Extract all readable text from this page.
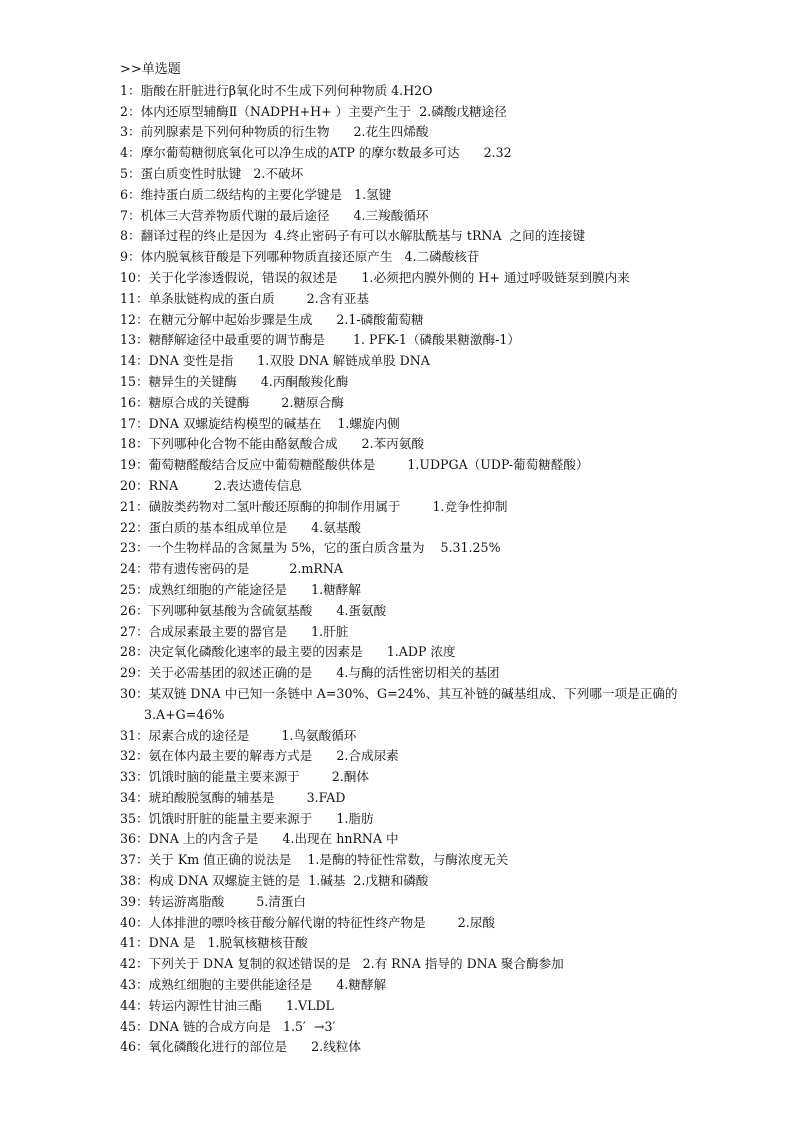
>>单选题
1：脂酸在肝脏进行β氧化时不生成下列何种物质 4.H2O
2：体内还原型辅酶Ⅱ（NADPH+H+ ）主要产生于 2.磷酸戊糖途径
3：前列腺素是下列何种物质的衍生物     2.花生四烯酸
4：摩尔葡萄糖彻底氧化可以净生成的ATP 的摩尔数最多可达     2.32
5：蛋白质变性时肽键  2.不破坏
6：维持蛋白质二级结构的主要化学键是  1.氢键
7：机体三大营养物质代谢的最后途径     4.三羧酸循环
8：翻译过程的终止是因为 4.终止密码子有可以水解肽酰基与 tRNA  之间的连接键
9：体内脱氧核苷酸是下列哪种物质直接还原产生  4.二磷酸核苷
10：关于化学渗透假说，错误的叙述是     1.必须把内膜外侧的 H+ 通过呼吸链泵到膜内来
11：单条肽链构成的蛋白质       2.含有亚基
12：在糖元分解中起始步骤是生成     2.1-磷酸葡萄糖
13：糖酵解途径中最重要的调节酶是      1. PFK-1（磷酸果糖激酶-1）
14：DNA 变性是指     1.双股 DNA 解链成单股 DNA
15：糖异生的关键酶     4.丙酮酸羧化酶
16：糖原合成的关键酶       2.糖原合酶
17：DNA 双螺旋结构模型的碱基在   1.螺旋内侧
18：下列哪种化合物不能由酪氨酸合成     2.苯丙氨酸
19：葡萄糖醛酸结合反应中葡萄糖醛酸供体是       1.UDPGA（UDP-葡萄糖醛酸）
20：RNA        2.表达遗传信息
21：磺胺类药物对二氢叶酸还原酶的抑制作用属于       1.竞争性抑制
22：蛋白质的基本组成单位是     4.氨基酸
23：一个生物样品的含氮量为 5%，它的蛋白质含量为   5.31.25%
24：带有遗传密码的是         2.mRNA
25：成熟红细胞的产能途径是     1.糖酵解
26：下列哪种氨基酸为含硫氨基酸     4.蛋氨酸
27：合成尿素最主要的器官是     1.肝脏
28：决定氧化磷酸化速率的最主要的因素是     1.ADP 浓度
29：关于必需基团的叙述正确的是     4.与酶的活性密切相关的基团
30：某双链 DNA 中已知一条链中 A=30%、G=24%、其互补链的碱基组成、下列哪一项是正确的     3.A+G=46%
31：尿素合成的途径是       1.鸟氨酸循环
32：氨在体内最主要的解毒方式是     2.合成尿素
33：饥饿时脑的能量主要来源于       2.酮体
34：琥珀酸脱氢酶的辅基是       3.FAD
35：饥饿时肝脏的能量主要来源于     1.脂肪
36：DNA 上的内含子是     4.出现在 hnRNA 中
37：关于 Km 值正确的说法是   1.是酶的特征性常数，与酶浓度无关
38：构成 DNA 双螺旋主链的是 1.碱基  2.戊糖和磷酸
39：转运游离脂酸       5.清蛋白
40：人体排泄的嘌呤核苷酸分解代谢的特征性终产物是       2.尿酸
41：DNA 是  1.脱氧核糖核苷酸
42：下列关于 DNA 复制的叙述错误的是  2.有 RNA 指导的 DNA 聚合酶参加
43：成熟红细胞的主要供能途径是     4.糖酵解
44：转运内源性甘油三酯     1.VLDL
45：DNA 链的合成方向是  1.5′  →3′
46：氧化磷酸化进行的部位是     2.线粒体
